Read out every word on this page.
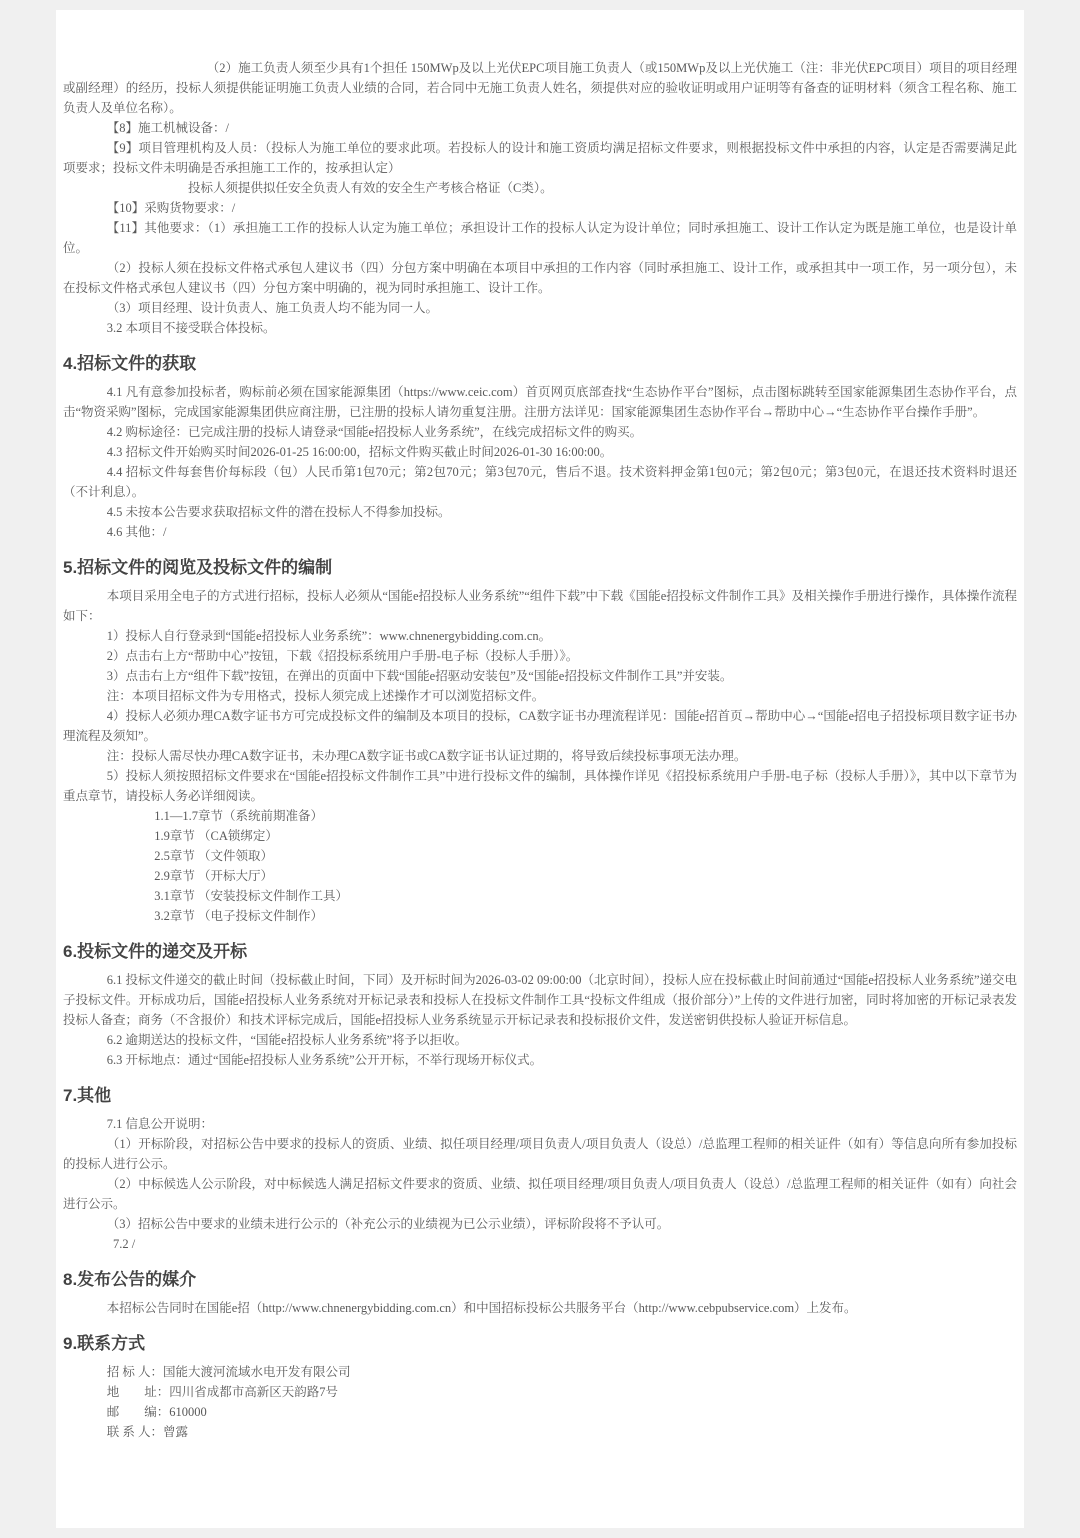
（2）施工负责人须至少具有1个担任 150MWp及以上光伏EPC项目施工负责人（或150MWp及以上光伏施工（注：非光伏EPC项目）项目的项目经理或副经理）的经历，投标人须提供能证明施工负责人业绩的合同，若合同中无施工负责人姓名，须提供对应的验收证明或用户证明等有备查的证明材料（须含工程名称、施工负责人及单位名称）。

【8】施工机械设备：/

【9】项目管理机构及人员：（投标人为施工单位的要求此项。若投标人的设计和施工资质均满足招标文件要求，则根据投标文件中承担的内容，认定是否需要满足此项要求；投标文件未明确是否承担施工工作的，按承担认定）

投标人须提供拟任安全负责人有效的安全生产考核合格证（C类）。

【10】采购货物要求：/

【11】其他要求：（1）承担施工工作的投标人认定为施工单位；承担设计工作的投标人认定为设计单位；同时承担施工、设计工作认定为既是施工单位，也是设计单位。

（2）投标人须在投标文件格式承包人建议书（四）分包方案中明确在本项目中承担的工作内容（同时承担施工、设计工作，或承担其中一项工作，另一项分包），未在投标文件格式承包人建议书（四）分包方案中明确的，视为同时承担施工、设计工作。

（3）项目经理、设计负责人、施工负责人均不能为同一人。

3.2 本项目不接受联合体投标。

4.招标文件的获取

4.1 凡有意参加投标者，购标前必须在国家能源集团（https://www.ceic.com）首页网页底部查找“生态协作平台”图标，点击图标跳转至国家能源集团生态协作平台，点击“物资采购”图标，完成国家能源集团供应商注册，已注册的投标人请勿重复注册。注册方法详见：国家能源集团生态协作平台→帮助中心→“生态协作平台操作手册”。

4.2 购标途径：已完成注册的投标人请登录“国能e招投标人业务系统”，在线完成招标文件的购买。

4.3 招标文件开始购买时间2026-01-25 16:00:00，招标文件购买截止时间2026-01-30 16:00:00。

4.4 招标文件每套售价每标段（包）人民币第1包70元；第2包70元；第3包70元，售后不退。技术资料押金第1包0元；第2包0元；第3包0元，在退还技术资料时退还（不计利息）。

4.5 未按本公告要求获取招标文件的潜在投标人不得参加投标。

4.6 其他：/

5.招标文件的阅览及投标文件的编制

本项目采用全电子的方式进行招标，投标人必须从“国能e招投标人业务系统”“组件下载”中下载《国能e招投标文件制作工具》及相关操作手册进行操作，具体操作流程如下：

1）投标人自行登录到“国能e招投标人业务系统”：www.chnenergybidding.com.cn。

2）点击右上方“帮助中心”按钮，下载《招投标系统用户手册-电子标（投标人手册）》。

3）点击右上方“组件下载”按钮，在弹出的页面中下载“国能e招驱动安装包”及“国能e招投标文件制作工具”并安装。

注：本项目招标文件为专用格式，投标人须完成上述操作才可以浏览招标文件。

4）投标人必须办理CA数字证书方可完成投标文件的编制及本项目的投标，CA数字证书办理流程详见：国能e招首页→帮助中心→“国能e招电子招投标项目数字证书办理流程及须知”。

注：投标人需尽快办理CA数字证书，未办理CA数字证书或CA数字证书认证过期的，将导致后续投标事项无法办理。

5）投标人须按照招标文件要求在“国能e招投标文件制作工具”中进行投标文件的编制，具体操作详见《招投标系统用户手册-电子标（投标人手册）》，其中以下章节为重点章节，请投标人务必详细阅读。

1.1—1.7章节（系统前期准备）

1.9章节 （CA锁绑定）

2.5章节 （文件领取）

2.9章节 （开标大厅）

3.1章节 （安装投标文件制作工具）

3.2章节 （电子投标文件制作）

6.投标文件的递交及开标

6.1 投标文件递交的截止时间（投标截止时间，下同）及开标时间为2026-03-02 09:00:00（北京时间），投标人应在投标截止时间前通过“国能e招投标人业务系统”递交电子投标文件。开标成功后，国能e招投标人业务系统对开标记录表和投标人在投标文件制作工具“投标文件组成（报价部分）”上传的文件进行加密，同时将加密的开标记录表发投标人备查；商务（不含报价）和技术评标完成后，国能e招投标人业务系统显示开标记录表和投标报价文件，发送密钥供投标人验证开标信息。

6.2 逾期送达的投标文件，“国能e招投标人业务系统”将予以拒收。

6.3 开标地点：通过“国能e招投标人业务系统”公开开标，不举行现场开标仪式。

7.其他

7.1 信息公开说明：

（1）开标阶段，对招标公告中要求的投标人的资质、业绩、拟任项目经理/项目负责人/项目负责人（设总）/总监理工程师的相关证件（如有）等信息向所有参加投标的投标人进行公示。

（2）中标候选人公示阶段，对中标候选人满足招标文件要求的资质、业绩、拟任项目经理/项目负责人/项目负责人（设总）/总监理工程师的相关证件（如有）向社会进行公示。

（3）招标公告中要求的业绩未进行公示的（补充公示的业绩视为已公示业绩），评标阶段将不予认可。

7.2 /

8.发布公告的媒介

本招标公告同时在国能e招（http://www.chnenergybidding.com.cn）和中国招标投标公共服务平台（http://www.cebpubservice.com）上发布。

9.联系方式

招 标 人：国能大渡河流域水电开发有限公司

地　　址：四川省成都市高新区天韵路7号

邮　　编：610000

联 系 人：曾露
